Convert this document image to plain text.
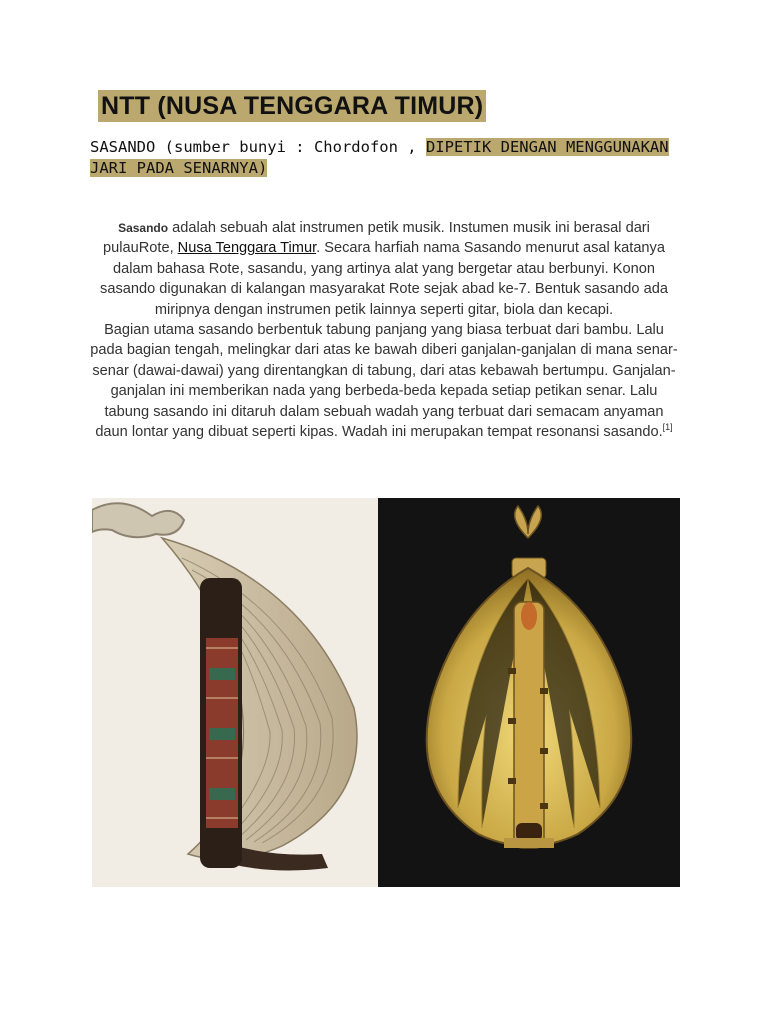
NTT (NUSA TENGGARA TIMUR)
SASANDO (sumber bunyi : Chordofon , DIPETIK DENGAN MENGGUNAKAN JARI PADA SENARNYA)

Sasando adalah sebuah alat instrumen petik musik. Instumen musik ini berasal dari pulauRote, Nusa Tenggara Timur. Secara harfiah nama Sasando menurut asal katanya dalam bahasa Rote, sasandu, yang artinya alat yang bergetar atau berbunyi. Konon sasando digunakan di kalangan masyarakat Rote sejak abad ke-7. Bentuk sasando ada miripnya dengan instrumen petik lainnya seperti gitar, biola dan kecapi.

Bagian utama sasando berbentuk tabung panjang yang biasa terbuat dari bambu. Lalu pada bagian tengah, melingkar dari atas ke bawah diberi ganjalan-ganjalan di mana senar-senar (dawai-dawai) yang direntangkan di tabung, dari atas kebawah bertumpu. Ganjalan-ganjalan ini memberikan nada yang berbeda-beda kepada setiap petikan senar. Lalu tabung sasando ini ditaruh dalam sebuah wadah yang terbuat dari semacam anyaman daun lontar yang dibuat seperti kipas. Wadah ini merupakan tempat resonansi sasando.[1]
